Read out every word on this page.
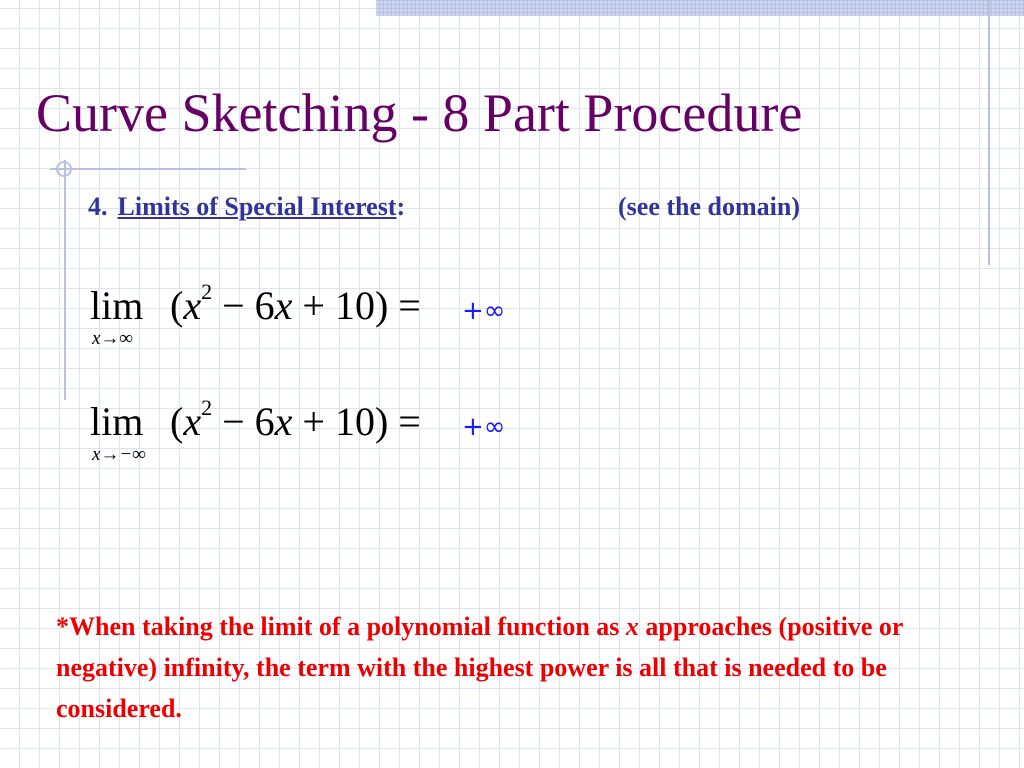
Curve Sketching - 8 Part Procedure
4. Limits of Special Interest:	(see the domain)
lim
x→∞
$(x^2 - 6x + 10)$ = +∞
lim
x→−∞
$(x^2 - 6x + 10)$ = +∞

*When taking the limit of a polynomial function as x approaches (positive or negative) infinity, the term with the highest power is all that is needed to be considered.
